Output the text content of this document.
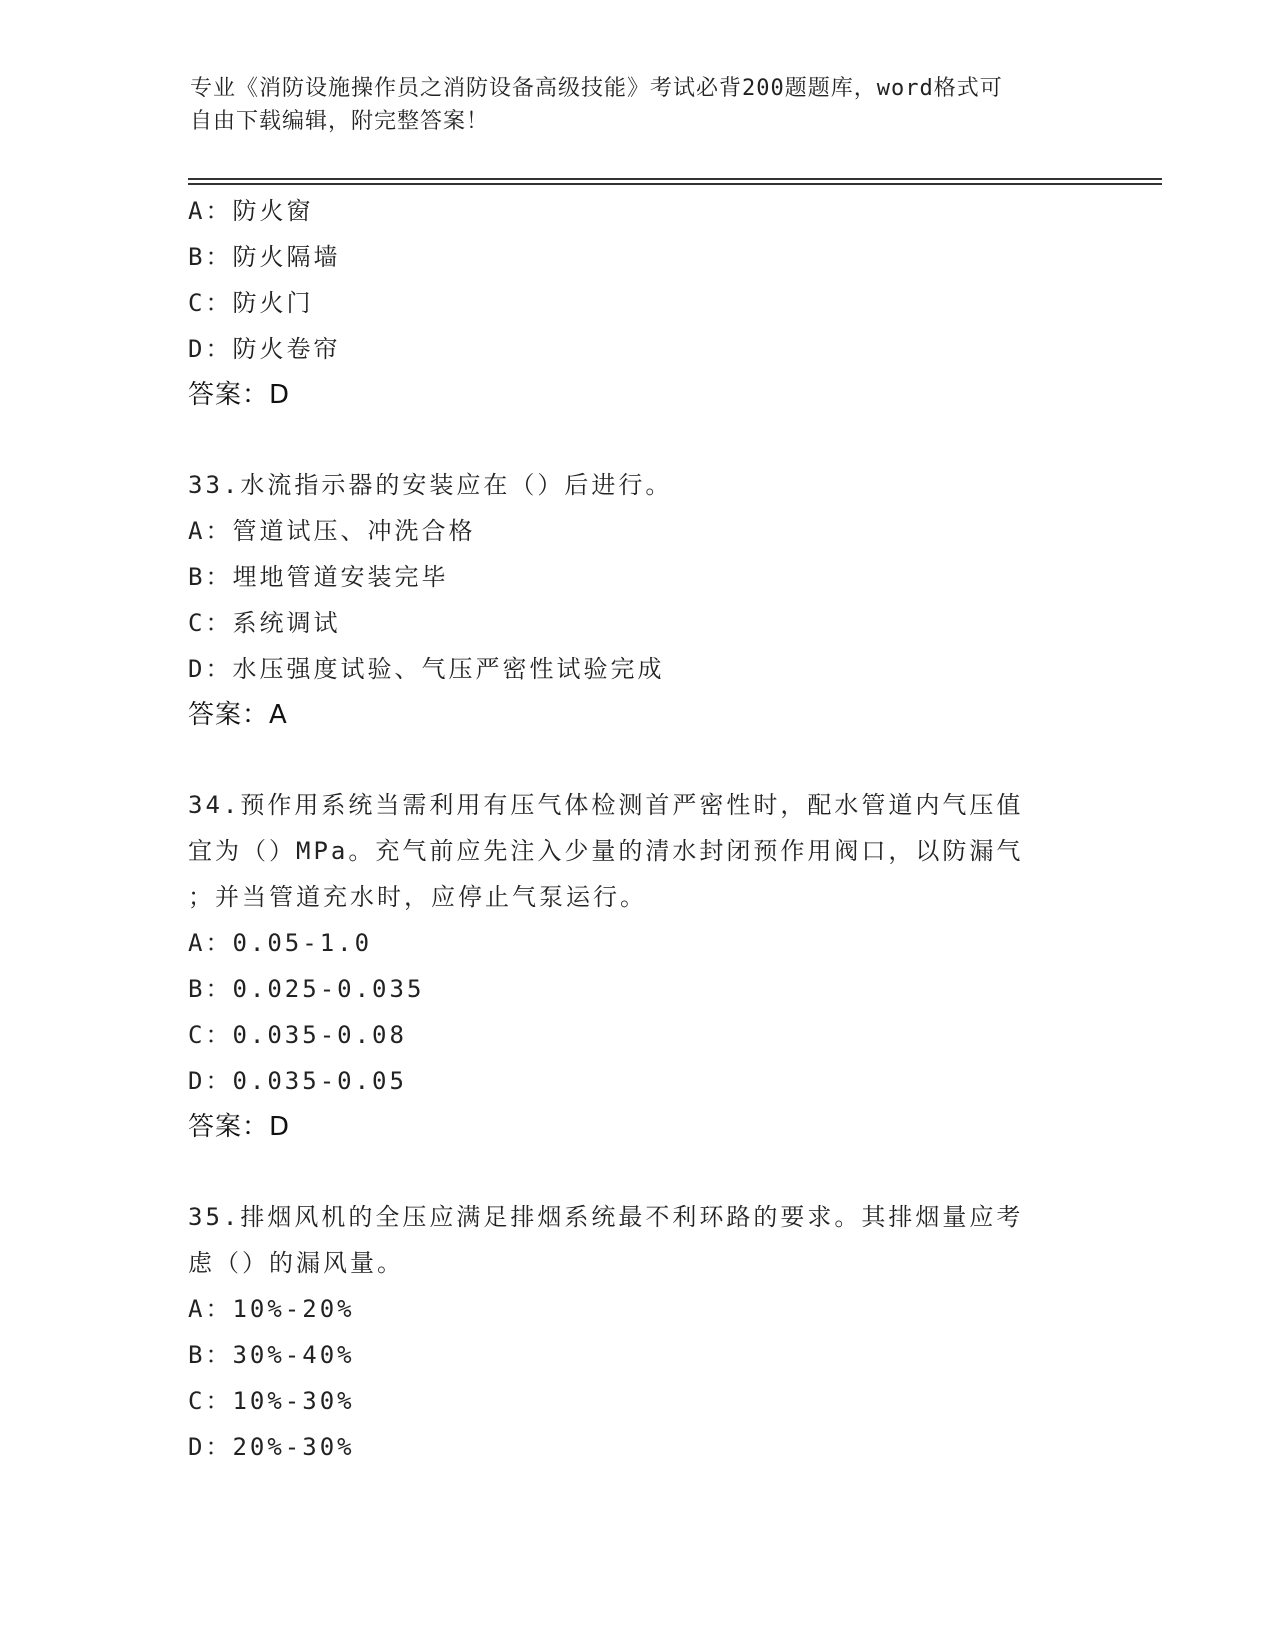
专业《消防设施操作员之消防设备高级技能》考试必背200题题库，word格式可
自由下载编辑，附完整答案！
A：防火窗
B：防火隔墙
C：防火门
D：防火卷帘
答案：D
33.水流指示器的安装应在（）后进行。
A：管道试压、冲洗合格
B：埋地管道安装完毕
C：系统调试
D：水压强度试验、气压严密性试验完成
答案：A
34.预作用系统当需利用有压气体检测首严密性时，配水管道内气压值
宜为（）MPa。充气前应先注入少量的清水封闭预作用阀口，以防漏气
；并当管道充水时，应停止气泵运行。
A：0.05-1.0
B：0.025-0.035
C：0.035-0.08
D：0.035-0.05
答案：D
35.排烟风机的全压应满足排烟系统最不利环路的要求。其排烟量应考
虑（）的漏风量。
A：10%-20%
B：30%-40%
C：10%-30%
D：20%-30%
